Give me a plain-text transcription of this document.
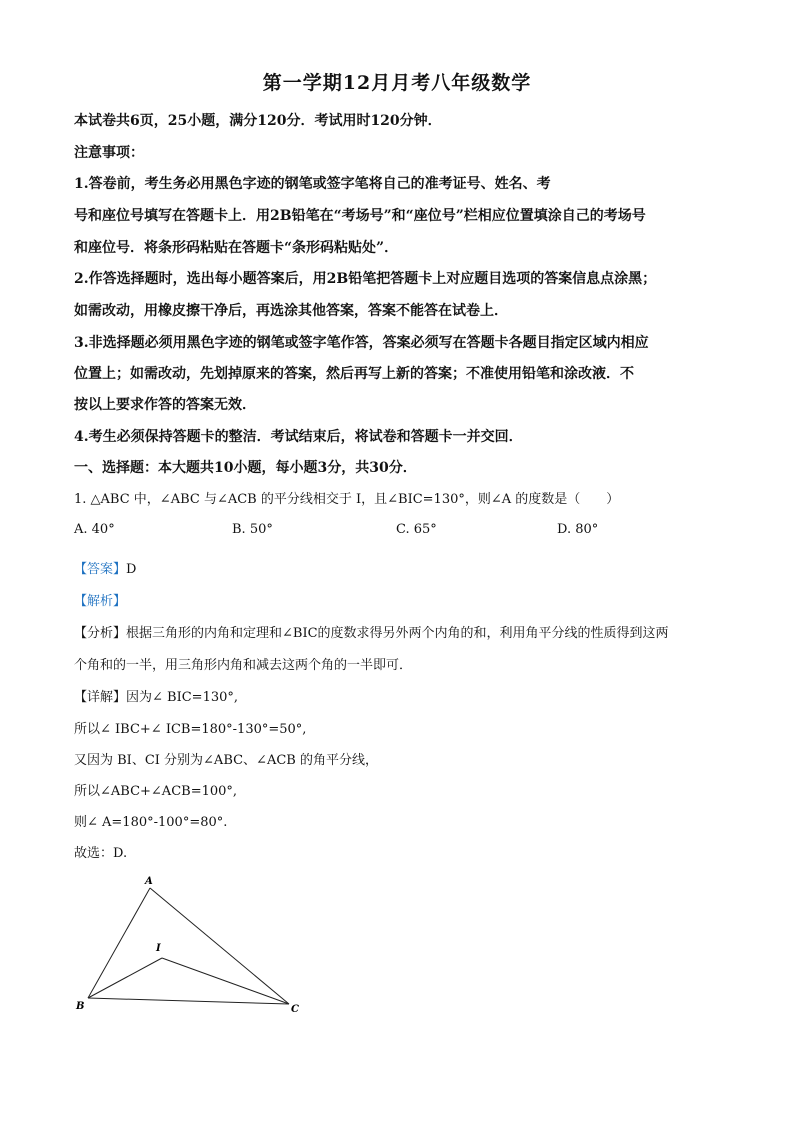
第一学期12月月考八年级数学
本试卷共6页，25小题，满分120分．考试用时120分钟．
注意事项：
1.答卷前，考生务必用黑色字迹的钢笔或签字笔将自己的准考证号、姓名、考
号和座位号填写在答题卡上．用2B铅笔在“考场号”和“座位号”栏相应位置填涂自己的考场号
和座位号．将条形码粘贴在答题卡“条形码粘贴处”．
2.作答选择题时，选出每小题答案后，用2B铅笔把答题卡上对应题目选项的答案信息点涂黑；
如需改动，用橡皮擦干净后，再选涂其他答案，答案不能答在试卷上．
3.非选择题必须用黑色字迹的钢笔或签字笔作答，答案必须写在答题卡各题目指定区域内相应
位置上；如需改动，先划掉原来的答案，然后再写上新的答案；不准使用铅笔和涂改液．不
按以上要求作答的答案无效．
4.考生必须保持答题卡的整洁．考试结束后，将试卷和答题卡一并交回．
一、选择题：本大题共10小题，每小题3分，共30分．
1. △ABC 中，∠ABC 与∠ACB 的平分线相交于 I，且∠BIC=130°，则∠A 的度数是（　　）
A. 40°	B. 50°	C. 65°	D. 80°
【答案】D
【解析】
【分析】根据三角形的内角和定理和∠BIC的度数求得另外两个内角的和，利用角平分线的性质得到这两
个角和的一半，用三角形内角和减去这两个角的一半即可．
【详解】因为∠ BIC=130°,
所以∠ IBC+∠ ICB=180°-130°=50°,
又因为 BI、CI 分别为∠ABC、∠ACB 的角平分线，
所以∠ABC+∠ACB=100°,
则∠ A=180°-100°=80°.
故选：D.
A
B	C
I
